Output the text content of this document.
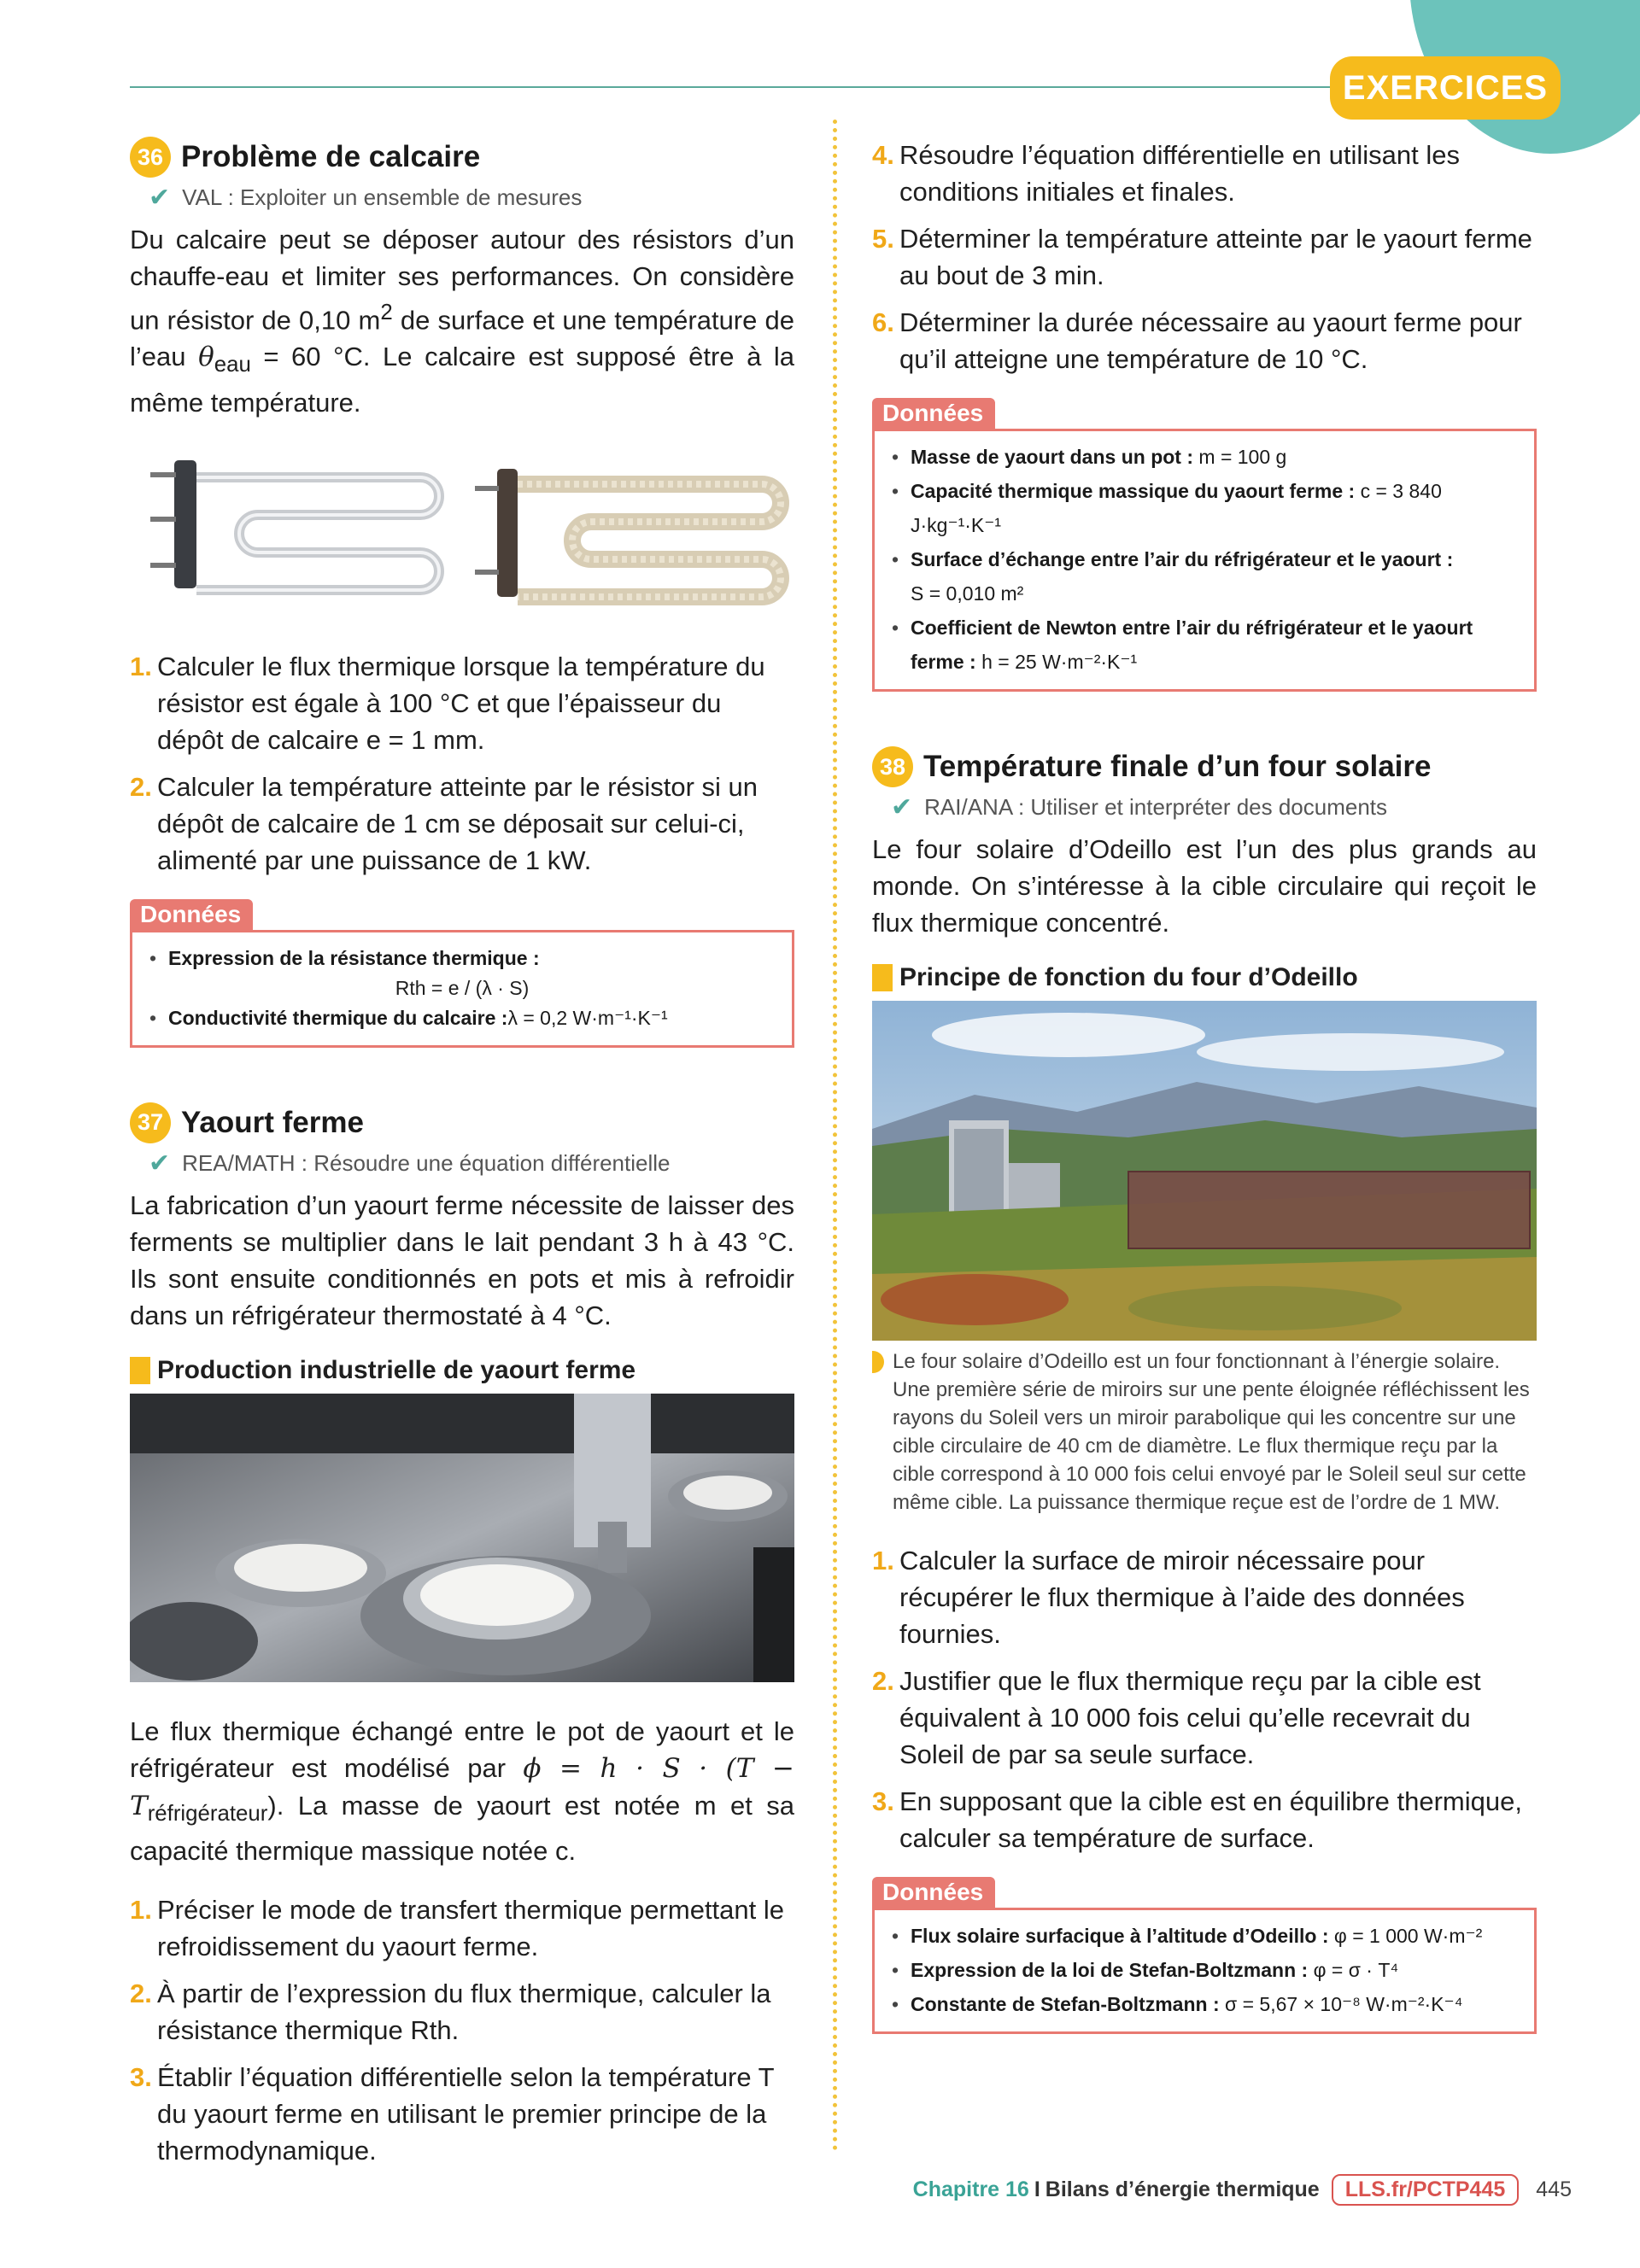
EXERCICES
36 Problème de calcaire
✔ VAL : Exploiter un ensemble de mesures

Du calcaire peut se déposer autour des résistors d’un chauffe-eau et limiter ses performances. On considère un résistor de 0,10 $m^2$ de surface et une température de l’eau $\theta_{eau} = 60$ °C. Le calcaire est supposé être à la même température.

1. Calculer le flux thermique lorsque la température du résistor est égale à 100 °C et que l’épaisseur du dépôt de calcaire e = 1 mm.
2. Calculer la température atteinte par le résistor si un dépôt de calcaire de 1 cm se déposait sur celui-ci, alimenté par une puissance de 1 kW.
Données
• Expression de la résistance thermique :
Rth = e / (λ · S)
• Conductivité thermique du calcaire : λ = 0,2 W·m⁻¹·K⁻¹
37 Yaourt ferme
✔ REA/MATH : Résoudre une équation différentielle

La fabrication d’un yaourt ferme nécessite de laisser des ferments se multiplier dans le lait pendant 3 h à 43 °C. Ils sont ensuite conditionnés en pots et mis à refroidir dans un réfrigérateur thermostaté à 4 °C.

Production industrielle de yaourt ferme

Le flux thermique échangé entre le pot de yaourt et le réfrigérateur est modélisé par $\phi = h \cdot S \cdot (T - T_{réfrigérateur})$. La masse de yaourt est notée m et sa capacité thermique massique notée c.

1. Préciser le mode de transfert thermique permettant le refroidissement du yaourt ferme.
2. À partir de l’expression du flux thermique, calculer la résistance thermique Rth.
3. Établir l’équation différentielle selon la température T du yaourt ferme en utilisant le premier principe de la thermodynamique.
4. Résoudre l’équation différentielle en utilisant les conditions initiales et finales.
5. Déterminer la température atteinte par le yaourt ferme au bout de 3 min.
6. Déterminer la durée nécessaire au yaourt ferme pour qu’il atteigne une température de 10 °C.
Données
• Masse de yaourt dans un pot : m = 100 g
• Capacité thermique massique du yaourt ferme : c = 3 840 J·kg⁻¹·K⁻¹
• Surface d’échange entre l’air du réfrigérateur et le yaourt :
S = 0,010 m²
• Coefficient de Newton entre l’air du réfrigérateur et le yaourt
ferme : h = 25 W·m⁻²·K⁻¹
38 Température finale d’un four solaire
✔ RAI/ANA : Utiliser et interpréter des documents

Le four solaire d’Odeillo est l’un des plus grands au monde. On s’intéresse à la cible circulaire qui reçoit le flux thermique concentré.

Principe de fonction du four d’Odeillo
Le four solaire d’Odeillo est un four fonctionnant à l’énergie solaire. Une première série de miroirs sur une pente éloignée réfléchissent les rayons du Soleil vers un miroir parabolique qui les concentre sur une cible circulaire de 40 cm de diamètre. Le flux thermique reçu par la cible correspond à 10 000 fois celui envoyé par le Soleil seul sur cette même cible. La puissance thermique reçue est de l’ordre de 1 MW.
1. Calculer la surface de miroir nécessaire pour récupérer le flux thermique à l’aide des données fournies.
2. Justifier que le flux thermique reçu par la cible est équivalent à 10 000 fois celui qu’elle recevrait du Soleil de par sa seule surface.
3. En supposant que la cible est en équilibre thermique, calculer sa température de surface.
Données
• Flux solaire surfacique à l’altitude d’Odeillo : φ = 1 000 W·m⁻²
• Expression de la loi de Stefan-Boltzmann : φ = σ · T⁴
• Constante de Stefan-Boltzmann : σ = 5,67 × 10⁻⁸ W·m⁻²·K⁻⁴
Chapitre 16 I Bilans d’énergie thermique	LLS.fr/PCTP445	445
